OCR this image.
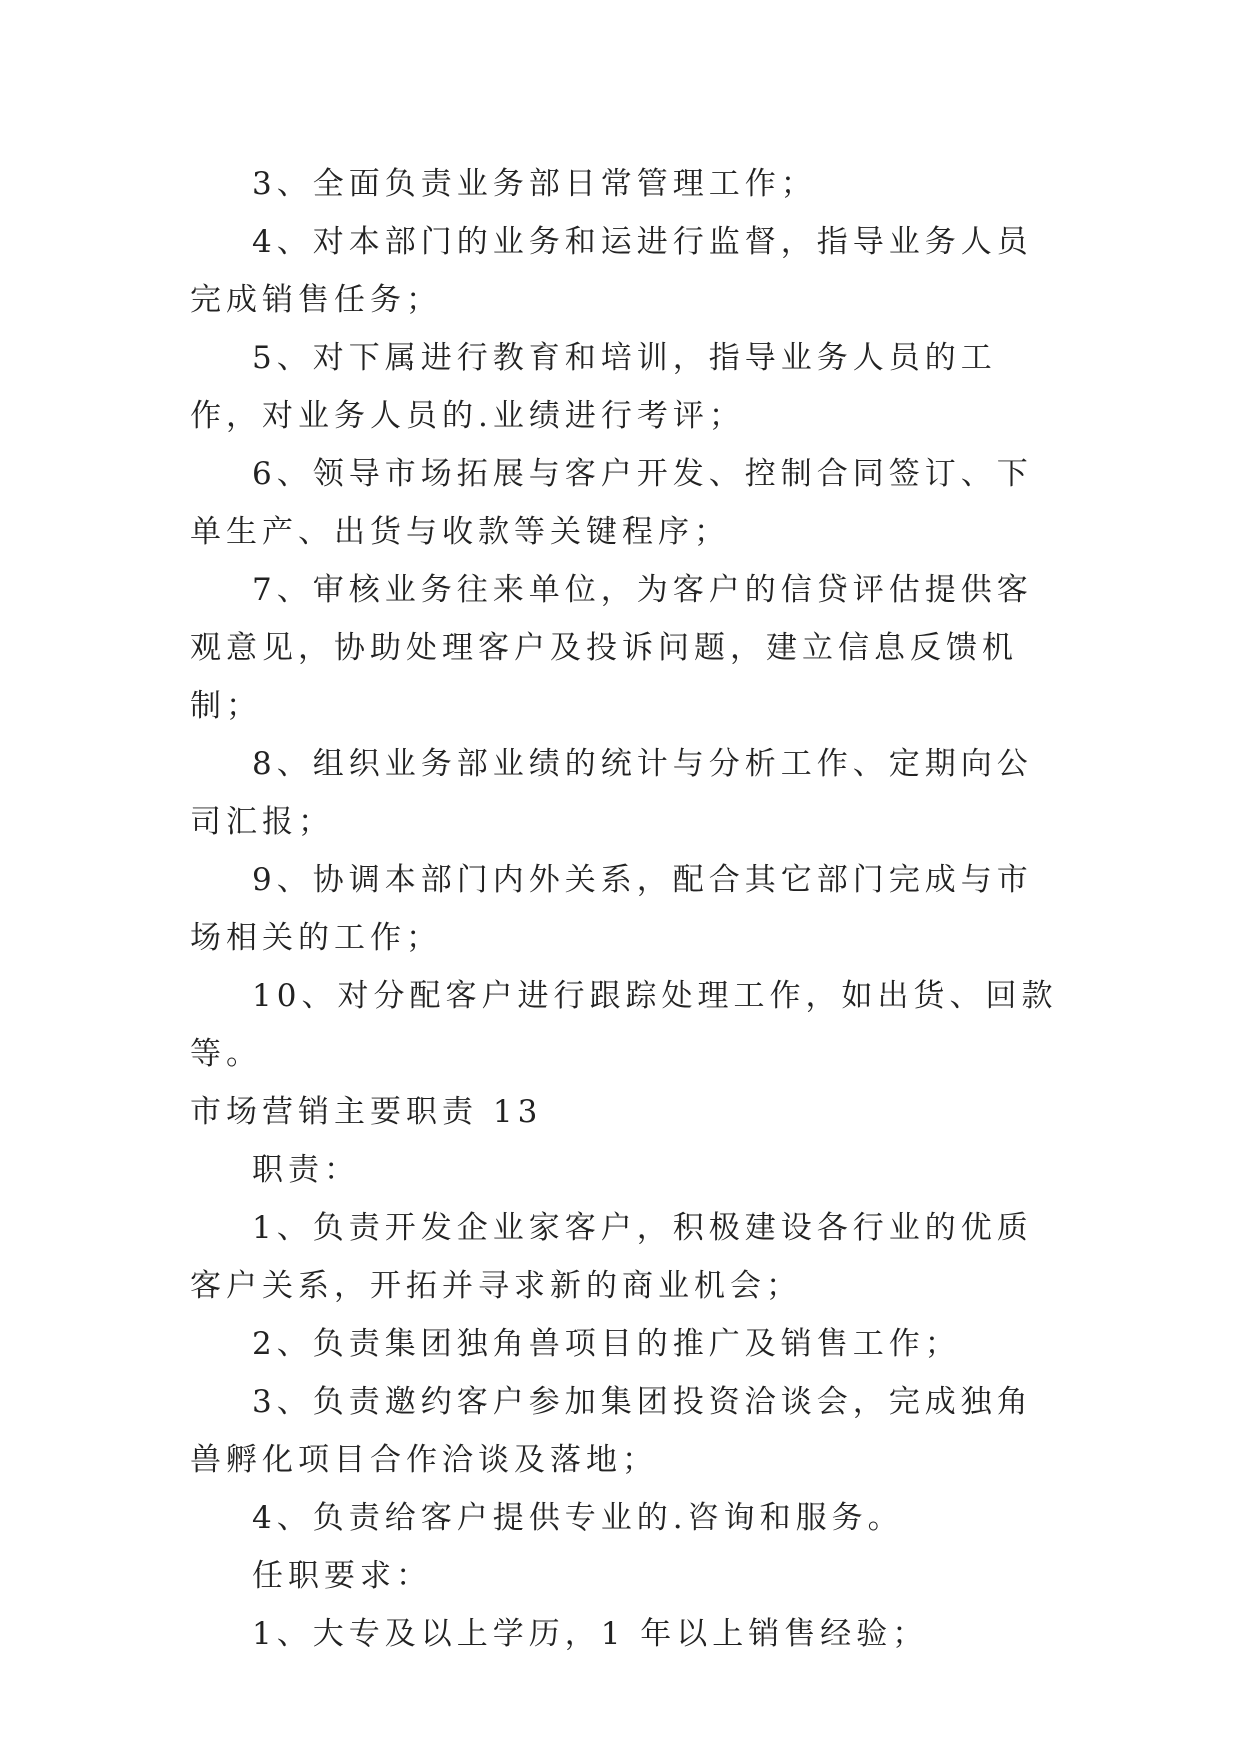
3、全面负责业务部日常管理工作；

4、对本部门的业务和运进行监督，指导业务人员完成销售任务；

5、对下属进行教育和培训，指导业务人员的工作，对业务人员的.业绩进行考评；

6、领导市场拓展与客户开发、控制合同签订、下单生产、出货与收款等关键程序；

7、审核业务往来单位，为客户的信贷评估提供客观意见，协助处理客户及投诉问题，建立信息反馈机制；

8、组织业务部业绩的统计与分析工作、定期向公司汇报；

9、协调本部门内外关系，配合其它部门完成与市场相关的工作；

10、对分配客户进行跟踪处理工作，如出货、回款等。

市场营销主要职责 13

职责：

1、负责开发企业家客户，积极建设各行业的优质客户关系，开拓并寻求新的商业机会；

2、负责集团独角兽项目的推广及销售工作；

3、负责邀约客户参加集团投资洽谈会，完成独角兽孵化项目合作洽谈及落地；

4、负责给客户提供专业的.咨询和服务。

任职要求：

1、大专及以上学历，1 年以上销售经验；
